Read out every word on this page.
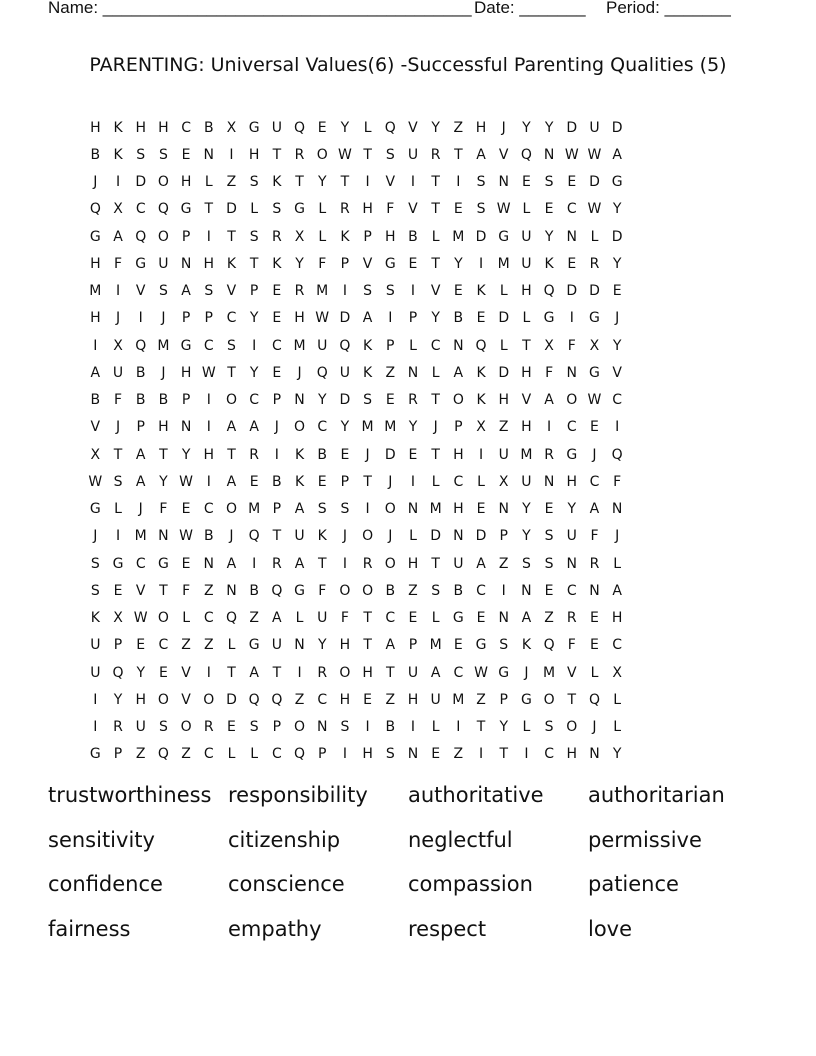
Name: _______________________________________ Date: _______ Period: _______
PARENTING: Universal Values(6) -Successful Parenting Qualities (5)
H K H H C B X G U Q E Y	L Q V Y Z H	J	Y	Y D U D
B K S S E N	I	H T R O W T S U R T A V Q N W W A
J	I	D O H L Z S K T	Y	T	I	V	I	T	I	S N E S E D G
Q X C Q G T D L	S G L R H F V T E S W L	E C W Y
G A Q O P	I	T S R X L	K P H B L M D G U Y N L D
H F G U N H K T K Y	F	P V G E T	Y	I	M U K E R Y
M	I	V S A S V P	E R M	I	S S	I	V E K	L H Q D D E
H	J	I	J	P	P C Y E H W D A	I	P	Y B E D L G	I	G	J
I	X Q M G C S	I	C M U Q K P	L C N Q L	T X F X Y
A U B	J	H W T	Y E	J	Q U K Z N L A K D H F N G V
B F B B P	I	O C P N Y D S E R T O K H V A O W C
V	J	P H N	I	A A	J	O C Y M M Y	J	P X Z H	I	C E	I
X T A T	Y H T R	I	K B E	J	D E T H	I	U M R G	J	Q
W S A Y W I	A E B K E	P	T	J	I	L C L X U N H C F
G L	J	F	E C O M P A S S	I	O N M H E N Y E Y A N
J	I	M N W B	J	Q T U K	J	O	J	L D N D P	Y S U F	J
S G C G E N A	I	R A T	I	R O H T U A Z S S N R L
S E V T	F Z N B Q G F O O B Z S B C	I	N E C N A
K X W O L C Q Z A	L U F	T C E	L G E N A Z R E H
U P	E C Z Z L G U N Y H T A P M E G S K Q F	E C
U Q Y E V	I	T A T	I	R O H T U A C W G	J	M V	L X
I	Y H O V O D Q Q Z C H E Z H U M Z P G O T Q L
I	R U S O R E S	P O N S	I	B	I	L	I	T	Y	L	S O	J	L
G P Z Q Z C L	L C Q P	I	H S N E Z	I	T	I	C H N Y
trustworthiness responsibility	authoritative	authoritarian
sensitivity	citizenship	neglectful	permissive
confidence	conscience	compassion	patience
fairness	empathy	respect	love
